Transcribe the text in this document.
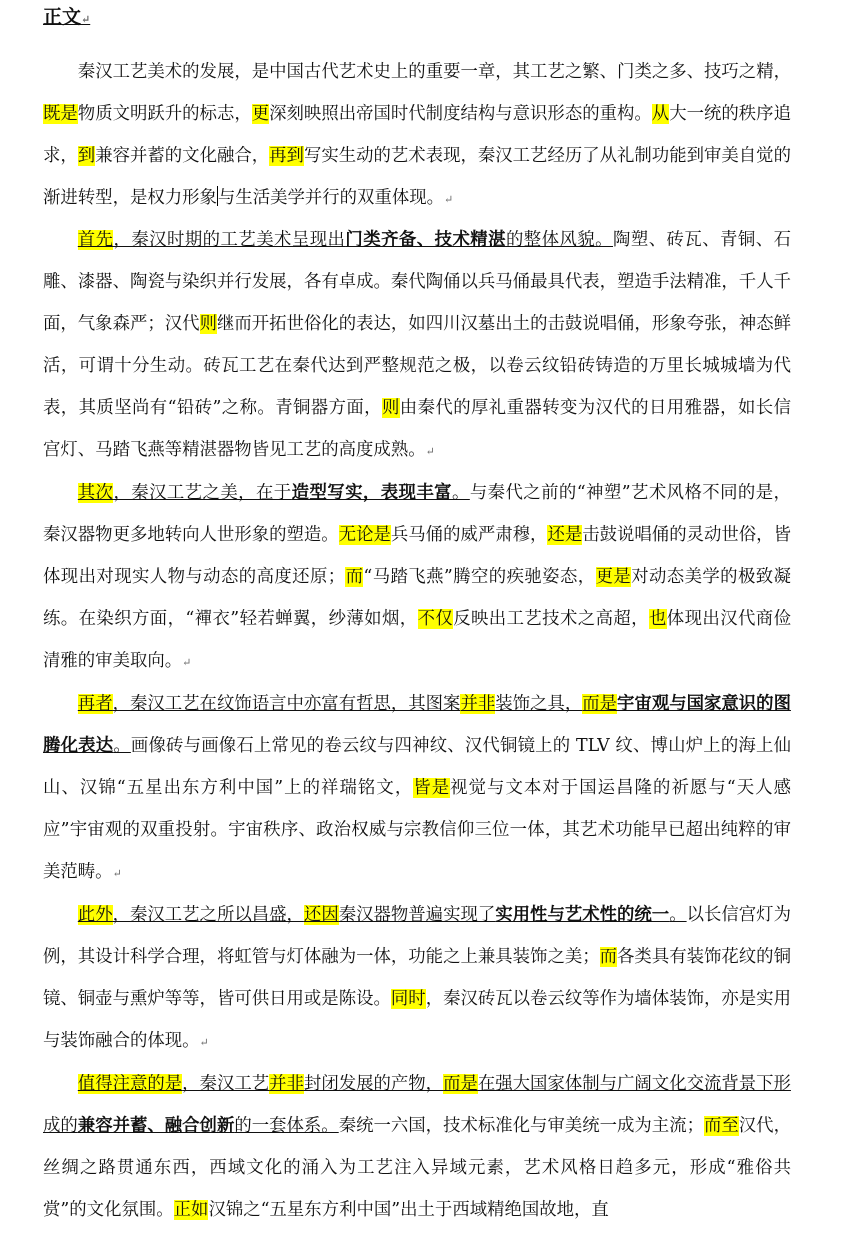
正文↵

秦汉工艺美术的发展，是中国古代艺术史上的重要一章，其工艺之繁、门类之多、技巧之精，既是物质文明跃升的标志，更深刻映照出帝国时代制度结构与意识形态的重构。从大一统的秩序追求，到兼容并蓄的文化融合，再到写实生动的艺术表现，秦汉工艺经历了从礼制功能到审美自觉的渐进转型，是权力形象与生活美学并行的双重体现。↵

首先，秦汉时期的工艺美术呈现出门类齐备、技术精湛的整体风貌。陶塑、砖瓦、青铜、石雕、漆器、陶瓷与染织并行发展，各有卓成。秦代陶俑以兵马俑最具代表，塑造手法精准，千人千面，气象森严；汉代则继而开拓世俗化的表达，如四川汉墓出土的击鼓说唱俑，形象夸张，神态鲜活，可谓十分生动。砖瓦工艺在秦代达到严整规范之极，以卷云纹铅砖铸造的万里长城城墙为代表，其质坚尚有“铅砖”之称。青铜器方面，则由秦代的厚礼重器转变为汉代的日用雅器，如长信宫灯、马踏飞燕等精湛器物皆见工艺的高度成熟。↵

其次，秦汉工艺之美，在于造型写实，表现丰富。与秦代之前的“神塑”艺术风格不同的是，秦汉器物更多地转向人世形象的塑造。无论是兵马俑的威严肃穆，还是击鼓说唱俑的灵动世俗，皆体现出对现实人物与动态的高度还原；而“马踏飞燕”腾空的疾驰姿态，更是对动态美学的极致凝练。在染织方面，“襌衣”轻若蝉翼，纱薄如烟，不仅反映出工艺技术之高超，也体现出汉代商俭清雅的审美取向。↵

再者，秦汉工艺在纹饰语言中亦富有哲思，其图案并非装饰之具，而是宇宙观与国家意识的图腾化表达。画像砖与画像石上常见的卷云纹与四神纹、汉代铜镜上的 TLV 纹、博山炉上的海上仙山、汉锦“五星出东方利中国”上的祥瑞铭文，皆是视觉与文本对于国运昌隆的祈愿与“天人感应”宇宙观的双重投射。宇宙秩序、政治权威与宗教信仰三位一体，其艺术功能早已超出纯粹的审美范畴。↵

此外，秦汉工艺之所以昌盛，还因秦汉器物普遍实现了实用性与艺术性的统一。以长信宫灯为例，其设计科学合理，将虹管与灯体融为一体，功能之上兼具装饰之美；而各类具有装饰花纹的铜镜、铜壶与熏炉等等，皆可供日用或是陈设。同时，秦汉砖瓦以卷云纹等作为墙体装饰，亦是实用与装饰融合的体现。↵

值得注意的是，秦汉工艺并非封闭发展的产物，而是在强大国家体制与广阔文化交流背景下形成的兼容并蓄、融合创新的一套体系。秦统一六国，技术标准化与审美统一成为主流；而至汉代，丝绸之路贯通东西，西域文化的涌入为工艺注入异域元素，艺术风格日趋多元，形成“雅俗共赏”的文化氛围。正如汉锦之“五星东方利中国”出土于西域精绝国故地，直
